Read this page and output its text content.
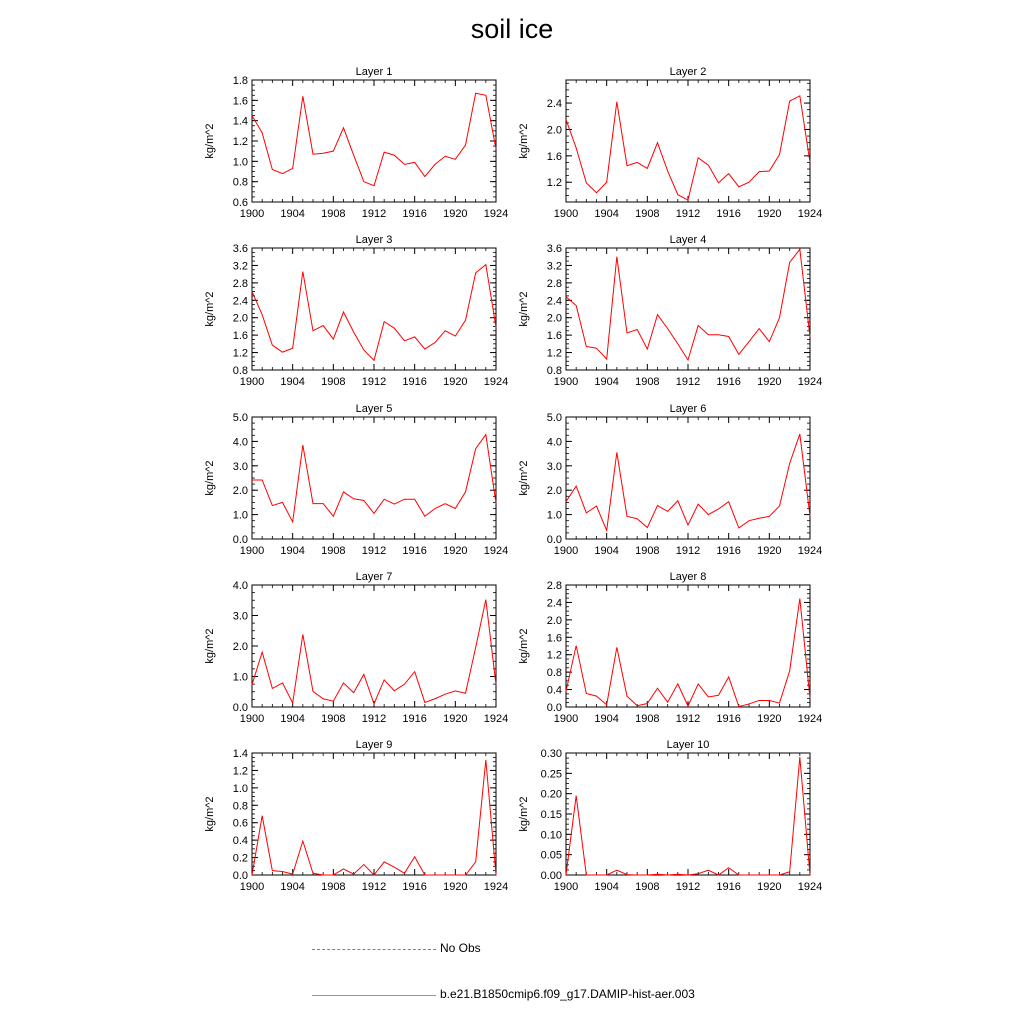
soil ice
Layer 1
kg/m^2
0.6
0.8
1.0
1.2
1.4
1.6
1.8
1900 1904 1908 1912 1916 1920 1924
Layer 2
kg/m^2
1.2
1.6
2.0
2.4
1900 1904 1908 1912 1916 1920 1924
Layer 3
kg/m^2
0.8
1.2
1.6
2.0
2.4
2.8
3.2
3.6
1900 1904 1908 1912 1916 1920 1924
Layer 4
kg/m^2
0.8
1.2
1.6
2.0
2.4
2.8
3.2
3.6
1900 1904 1908 1912 1916 1920 1924
Layer 5
kg/m^2
0.0
1.0
2.0
3.0
4.0
5.0
1900 1904 1908 1912 1916 1920 1924
Layer 6
kg/m^2
0.0
1.0
2.0
3.0
4.0
5.0
1900 1904 1908 1912 1916 1920 1924
Layer 7
kg/m^2
0.0
1.0
2.0
3.0
4.0
1900 1904 1908 1912 1916 1920 1924
Layer 8
kg/m^2
0.0
0.4
0.8
1.2
1.6
2.0
2.4
2.8
1900 1904 1908 1912 1916 1920 1924
Layer 9
kg/m^2
0.0
0.2
0.4
0.6
0.8
1.0
1.2
1.4
1900 1904 1908 1912 1916 1920 1924
Layer 10
kg/m^2
0.00
0.05
0.10
0.15
0.20
0.25
0.30
1900 1904 1908 1912 1916 1920 1924
No Obs
b.e21.B1850cmip6.f09_g17.DAMIP-hist-aer.003
